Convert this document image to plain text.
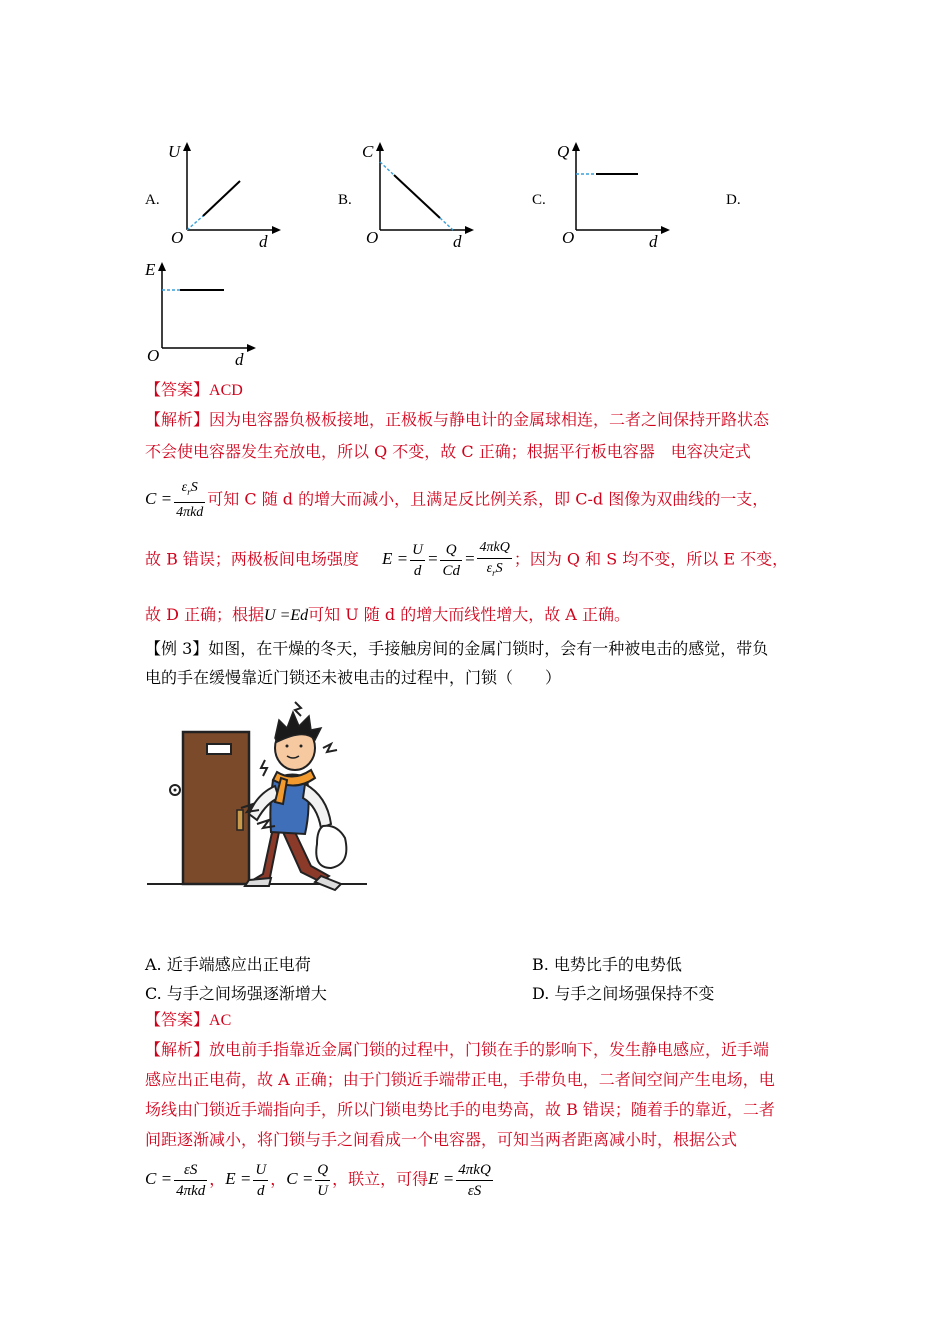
A.
U
O	d
B.
C
O	d
C.
Q
O	d
D.
E
O	d
【答案】ACD
【解析】因为电容器负极板接地，正极板与静电计的金属球相连，二者之间保持开路状态
不会使电容器发生充放电，所以 Q 不变，故 C 正确；根据平行板电容器　电容决定式
$C = \frac{\varepsilon_rS}{\text{4πkd}}$ 可知 C 随 d 的增大而减小，且满足反比例关系，即 C-d 图像为双曲线的一支，
故 B 错误；两极板间电场强度 $E = \frac{U}{d} = \frac{Q}{Cd} = \frac{\text{4πkQ}}{\varepsilon_rS}$ ；因为 Q 和 S 均不变，所以 E 不变，
故 D 正确；根据U =Ed可知 U 随 d 的增大而线性增大，故 A 正确。
【例 3】如图，在干燥的冬天，手接触房间的金属门锁时，会有一种被电击的感觉，带负
电的手在缓慢靠近门锁还未被电击的过程中，门锁（　　）
A. 近手端感应出正电荷	B. 电势比手的电势低
C. 与手之间场强逐渐增大	D. 与手之间场强保持不变
【答案】AC
【解析】放电前手指靠近金属门锁的过程中，门锁在手的影响下，发生静电感应，近手端
感应出正电荷，故 A 正确；由于门锁近手端带正电，手带负电，二者间空间产生电场，电
场线由门锁近手端指向手，所以门锁电势比手的电势高，故 B 错误；随着手的靠近，二者
间距逐渐减小，将门锁与手之间看成一个电容器，可知当两者距离减小时，根据公式
$C = \frac{\varepsilon S}{\text{4πkd}}$ ，$E = \frac{U}{d}$ ，$C = \frac{Q}{U}$ ，联立，可得$E = \frac{\text{4πkQ}}{\varepsilon S}$
